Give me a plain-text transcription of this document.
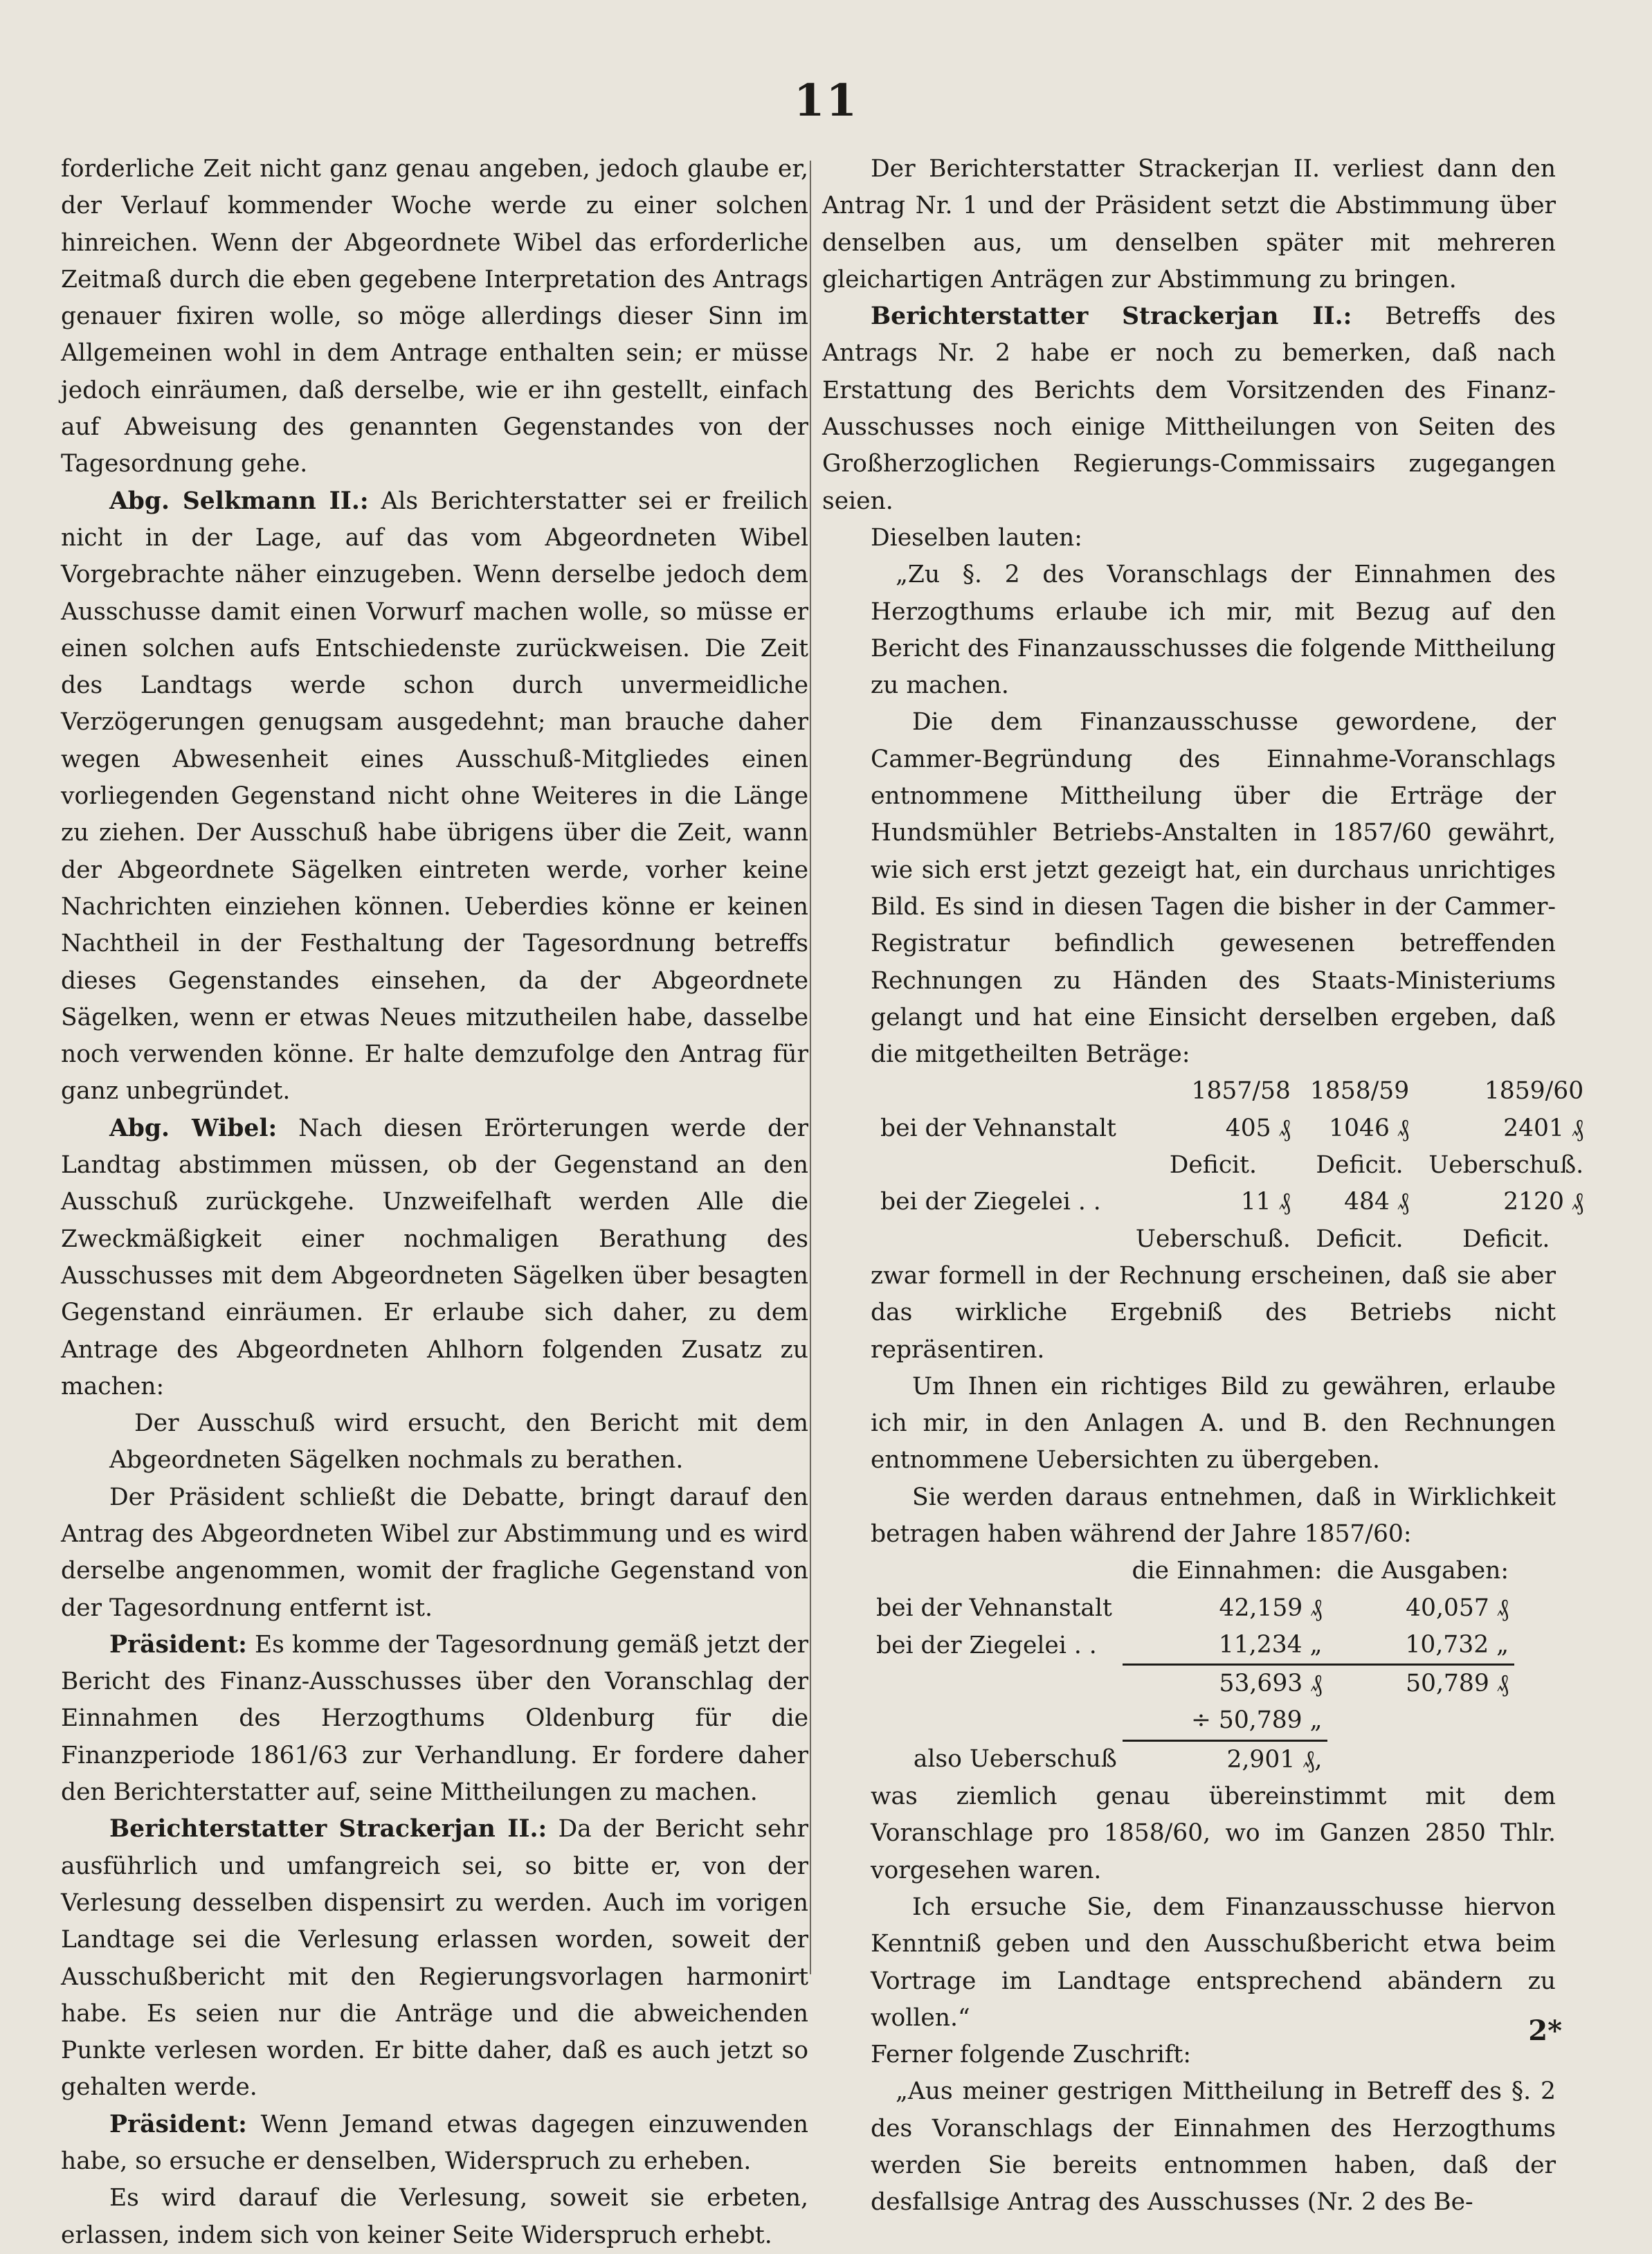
11

forderliche Zeit nicht ganz genau angeben, jedoch glaube er, der Verlauf kommender Woche werde zu einer solchen hinreichen. Wenn der Abgeordnete Wibel das erforderliche Zeitmaß durch die eben gegebene Interpretation des Antrags genauer fixiren wolle, so möge allerdings dieser Sinn im Allgemeinen wohl in dem Antrage enthalten sein; er müsse jedoch einräumen, daß derselbe, wie er ihn gestellt, einfach auf Abweisung des genannten Gegenstandes von der Tagesordnung gehe.

Abg. Selkmann II.: Als Berichterstatter sei er freilich nicht in der Lage, auf das vom Abgeordneten Wibel Vorgebrachte näher einzugeben. Wenn derselbe jedoch dem Ausschusse damit einen Vorwurf machen wolle, so müsse er einen solchen aufs Entschiedenste zurückweisen. Die Zeit des Landtags werde schon durch unvermeidliche Verzögerungen genugsam ausgedehnt; man brauche daher wegen Abwesenheit eines Ausschuß-Mitgliedes einen vorliegenden Gegenstand nicht ohne Weiteres in die Länge zu ziehen. Der Ausschuß habe übrigens über die Zeit, wann der Abgeordnete Sägelken eintreten werde, vorher keine Nachrichten einziehen können. Ueberdies könne er keinen Nachtheil in der Festhaltung der Tagesordnung betreffs dieses Gegenstandes einsehen, da der Abgeordnete Sägelken, wenn er etwas Neues mitzutheilen habe, dasselbe noch verwenden könne. Er halte demzufolge den Antrag für ganz unbegründet.

Abg. Wibel: Nach diesen Erörterungen werde der Landtag abstimmen müssen, ob der Gegenstand an den Ausschuß zurückgehe. Unzweifelhaft werden Alle die Zweckmäßigkeit einer nochmaligen Berathung des Ausschusses mit dem Abgeordneten Sägelken über besagten Gegenstand einräumen. Er erlaube sich daher, zu dem Antrage des Abgeordneten Ahlhorn folgenden Zusatz zu machen:

Der Ausschuß wird ersucht, den Bericht mit dem Abgeordneten Sägelken nochmals zu berathen.

Der Präsident schließt die Debatte, bringt darauf den Antrag des Abgeordneten Wibel zur Abstimmung und es wird derselbe angenommen, womit der fragliche Gegenstand von der Tagesordnung entfernt ist.

Präsident: Es komme der Tagesordnung gemäß jetzt der Bericht des Finanz-Ausschusses über den Voranschlag der Einnahmen des Herzogthums Oldenburg für die Finanzperiode 1861/63 zur Verhandlung. Er fordere daher den Berichterstatter auf, seine Mittheilungen zu machen.

Berichterstatter Strackerjan II.: Da der Bericht sehr ausführlich und umfangreich sei, so bitte er, von der Verlesung desselben dispensirt zu werden. Auch im vorigen Landtage sei die Verlesung erlassen worden, soweit der Ausschußbericht mit den Regierungsvorlagen harmonirt habe. Es seien nur die Anträge und die abweichenden Punkte verlesen worden. Er bitte daher, daß es auch jetzt so gehalten werde.

Präsident: Wenn Jemand etwas dagegen einzuwenden habe, so ersuche er denselben, Widerspruch zu erheben.

Es wird darauf die Verlesung, soweit sie erbeten, erlassen, indem sich von keiner Seite Widerspruch erhebt.

Der Berichterstatter Strackerjan II. verliest dann den Antrag Nr. 1 und der Präsident setzt die Abstimmung über denselben aus, um denselben später mit mehreren gleichartigen Anträgen zur Abstimmung zu bringen.

Berichterstatter Strackerjan II.: Betreffs des Antrags Nr. 2 habe er noch zu bemerken, daß nach Erstattung des Berichts dem Vorsitzenden des Finanz-Ausschusses noch einige Mittheilungen von Seiten des Großherzoglichen Regierungs-Commissairs zugegangen seien.

Dieselben lauten:

„Zu §. 2 des Voranschlags der Einnahmen des Herzogthums erlaube ich mir, mit Bezug auf den Bericht des Finanzausschusses die folgende Mittheilung zu machen.

Die dem Finanzausschusse gewordene, der Cammer-Begründung des Einnahme-Voranschlags entnommene Mittheilung über die Erträge der Hundsmühler Betriebs-Anstalten in 1857/60 gewährt, wie sich erst jetzt gezeigt hat, ein durchaus unrichtiges Bild. Es sind in diesen Tagen die bisher in der Cammer-Registratur befindlich gewesenen betreffenden Rechnungen zu Händen des Staats-Ministeriums gelangt und hat eine Einsicht derselben ergeben, daß die mitgetheilten Beträge:

	1857/58	1858/59	1859/60
bei der Vehnanstalt	405 ₰	1046 ₰	2401 ₰
	Deficit.	Deficit.	Ueberschuß.
bei der Ziegelei . .	11 ₰	484 ₰	2120 ₰
	Ueberschuß.	Deficit.	Deficit.

zwar formell in der Rechnung erscheinen, daß sie aber das wirkliche Ergebniß des Betriebs nicht repräsentiren.

Um Ihnen ein richtiges Bild zu gewähren, erlaube ich mir, in den Anlagen A. und B. den Rechnungen entnommene Uebersichten zu übergeben.

Sie werden daraus entnehmen, daß in Wirklichkeit betragen haben während der Jahre 1857/60:

	die Einnahmen:	die Ausgaben:
bei der Vehnanstalt	42,159 ₰	40,057 ₰
bei der Ziegelei . .	11,234 „	10,732 „
	53,693 ₰	50,789 ₰
	÷ 50,789 „	
also Ueberschuß	2,901 ₰,	

was ziemlich genau übereinstimmt mit dem Voranschlage pro 1858/60, wo im Ganzen 2850 Thlr. vorgesehen waren.

Ich ersuche Sie, dem Finanzausschusse hiervon Kenntniß geben und den Ausschußbericht etwa beim Vortrage im Landtage entsprechend abändern zu wollen.“

Ferner folgende Zuschrift:

„Aus meiner gestrigen Mittheilung in Betreff des §. 2 des Voranschlags der Einnahmen des Herzogthums werden Sie bereits entnommen haben, daß der desfallsige Antrag des Ausschusses (Nr. 2 des Be-

2*
